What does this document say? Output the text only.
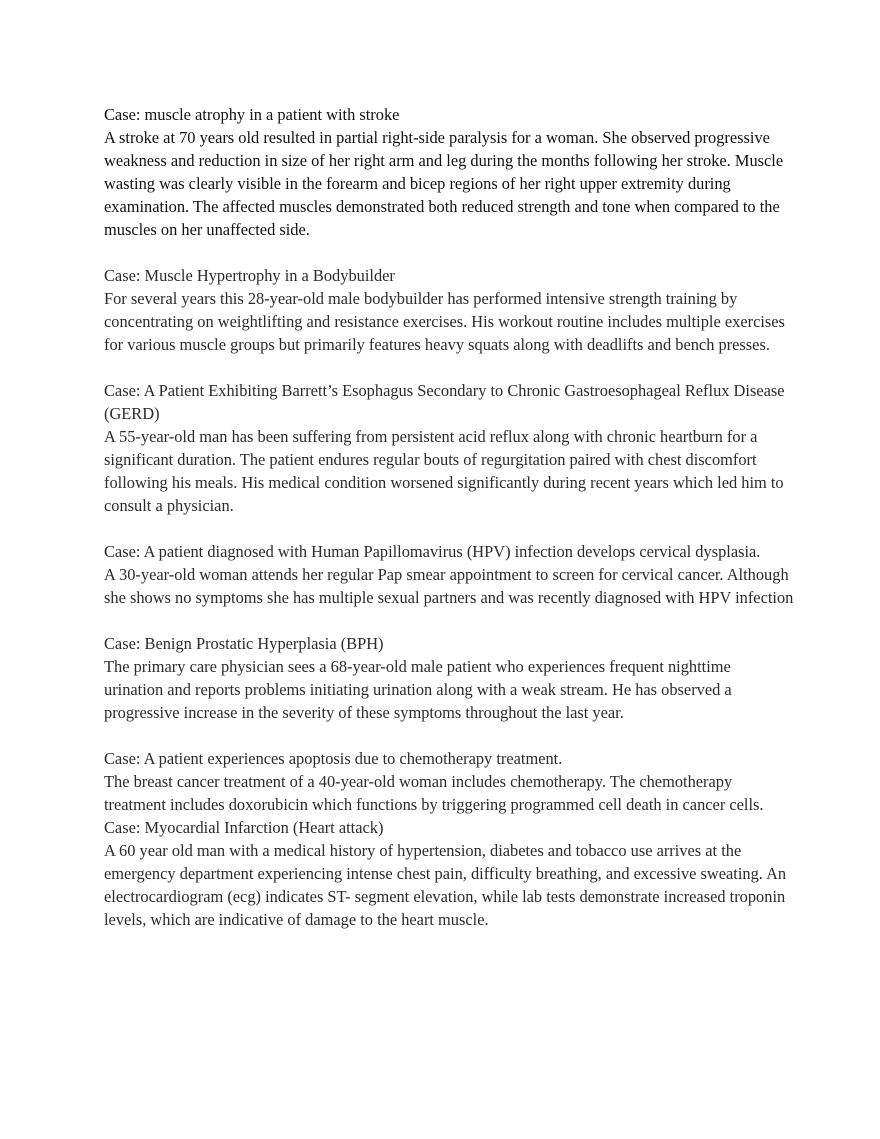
Case: muscle atrophy in a patient with stroke

A stroke at 70 years old resulted in partial right-side paralysis for a woman. She observed progressive weakness and reduction in size of her right arm and leg during the months following her stroke. Muscle wasting was clearly visible in the forearm and bicep regions of her right upper extremity during examination. The affected muscles demonstrated both reduced strength and tone when compared to the muscles on her unaffected side.

Case: Muscle Hypertrophy in a Bodybuilder

For several years this 28-year-old male bodybuilder has performed intensive strength training by concentrating on weightlifting and resistance exercises. His workout routine includes multiple exercises for various muscle groups but primarily features heavy squats along with deadlifts and bench presses.

Case: A Patient Exhibiting Barrett’s Esophagus Secondary to Chronic Gastroesophageal Reflux Disease (GERD)

A 55-year-old man has been suffering from persistent acid reflux along with chronic heartburn for a significant duration. The patient endures regular bouts of regurgitation paired with chest discomfort following his meals. His medical condition worsened significantly during recent years which led him to consult a physician.

Case: A patient diagnosed with Human Papillomavirus (HPV) infection develops cervical dysplasia.

A 30-year-old woman attends her regular Pap smear appointment to screen for cervical cancer. Although she shows no symptoms she has multiple sexual partners and was recently diagnosed with HPV infection

Case: Benign Prostatic Hyperplasia (BPH)

The primary care physician sees a 68-year-old male patient who experiences frequent nighttime urination and reports problems initiating urination along with a weak stream. He has observed a progressive increase in the severity of these symptoms throughout the last year.

Case: A patient experiences apoptosis due to chemotherapy treatment.

The breast cancer treatment of a 40-year-old woman includes chemotherapy. The chemotherapy treatment includes doxorubicin which functions by triggering programmed cell death in cancer cells.

Case: Myocardial Infarction (Heart attack)

A 60 year old man with a medical history of hypertension, diabetes and tobacco use arrives at the emergency department experiencing intense chest pain, difficulty breathing, and excessive sweating. An electrocardiogram (ecg) indicates ST- segment elevation, while lab tests demonstrate increased troponin levels, which are indicative of damage to the heart muscle.
